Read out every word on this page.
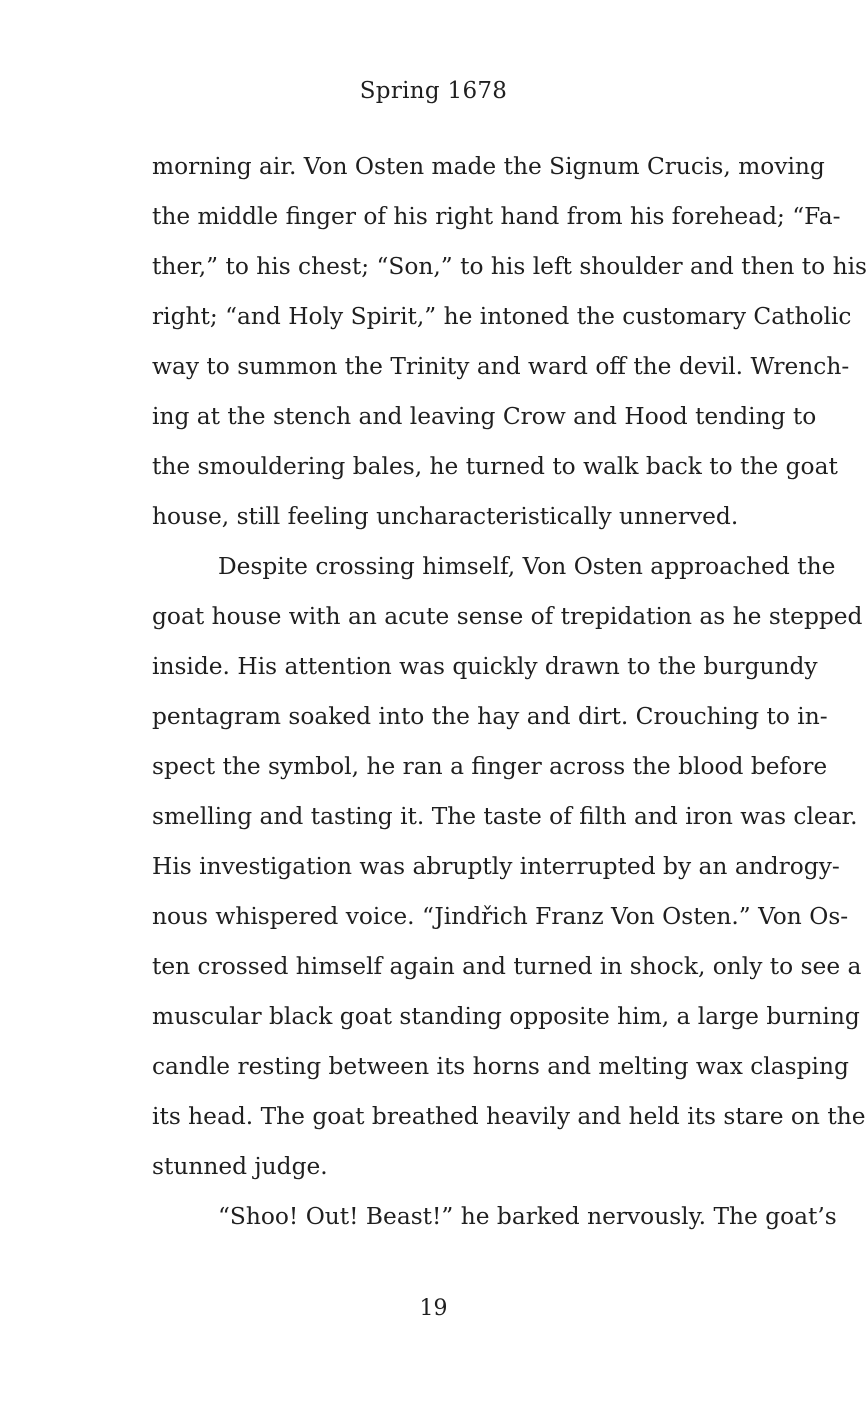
Spring 1678
morning air. Von Osten made the Signum Crucis, moving
the middle finger of his right hand from his forehead; “Fa-
ther,” to his chest; “Son,” to his left shoulder and then to his
right; “and Holy Spirit,” he intoned the customary Catholic
way to summon the Trinity and ward off the devil. Wrench-
ing at the stench and leaving Crow and Hood tending to
the smouldering bales, he turned to walk back to the goat
house, still feeling uncharacteristically unnerved.
Despite crossing himself, Von Osten approached the
goat house with an acute sense of trepidation as he stepped
inside. His attention was quickly drawn to the burgundy
pentagram soaked into the hay and dirt. Crouching to in-
spect the symbol, he ran a finger across the blood before
smelling and tasting it. The taste of filth and iron was clear.
His investigation was abruptly interrupted by an androgy-
nous whispered voice. “Jindřich Franz Von Osten.” Von Os-
ten crossed himself again and turned in shock, only to see a
muscular black goat standing opposite him, a large burning
candle resting between its horns and melting wax clasping
its head. The goat breathed heavily and held its stare on the
stunned judge.
“Shoo! Out! Beast!” he barked nervously. The goat’s
19
